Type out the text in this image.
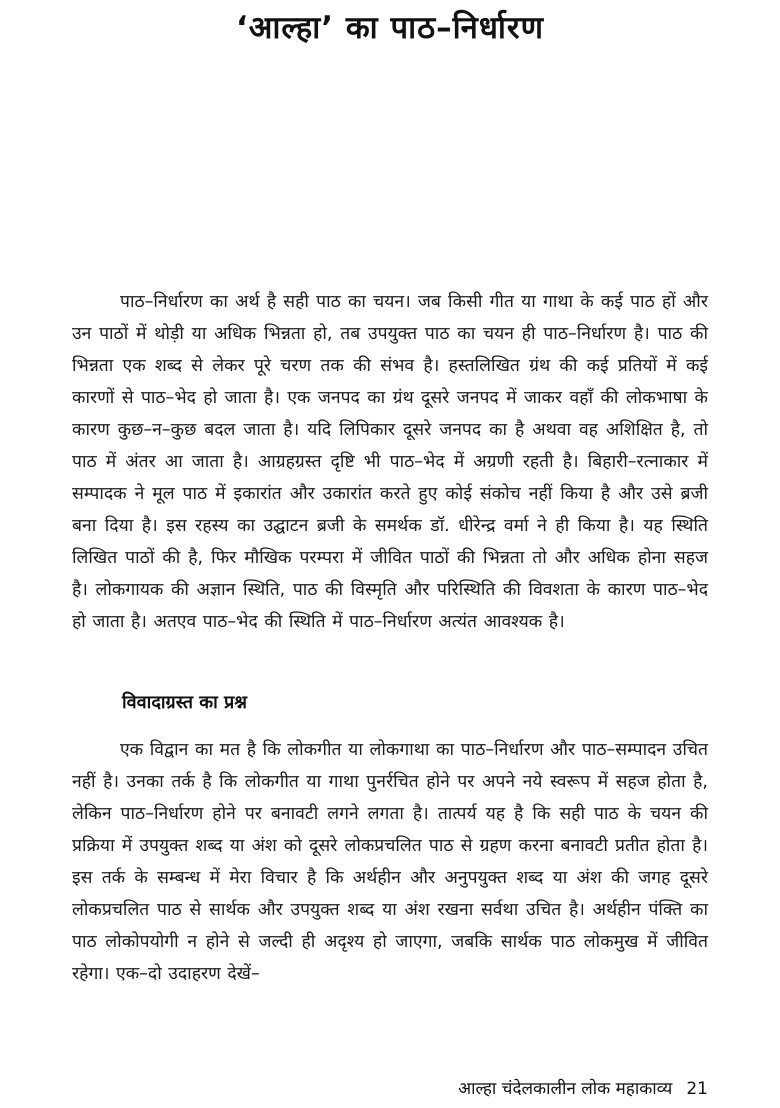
‘आल्हा’ का पाठ–निर्धारण

पाठ–निर्धारण का अर्थ है सही पाठ का चयन। जब किसी गीत या गाथा के कई पाठ हों और उन पाठों में थोड़ी या अधिक भिन्नता हो, तब उपयुक्त पाठ का चयन ही पाठ–निर्धारण है। पाठ की भिन्नता एक शब्द से लेकर पूरे चरण तक की संभव है। हस्तलिखित ग्रंथ की कई प्रतियों में कई कारणों से पाठ–भेद हो जाता है। एक जनपद का ग्रंथ दूसरे जनपद में जाकर वहाँ की लोकभाषा के कारण कुछ–न–कुछ बदल जाता है। यदि लिपिकार दूसरे जनपद का है अथवा वह अशिक्षित है, तो पाठ में अंतर आ जाता है। आग्रहग्रस्त दृष्टि भी पाठ–भेद में अग्रणी रहती है। बिहारी–रत्नाकार में सम्पादक ने मूल पाठ में इकारांत और उकारांत करते हुए कोई संकोच नहीं किया है और उसे ब्रजी बना दिया है। इस रहस्य का उद्घाटन ब्रजी के समर्थक डॉ. धीरेन्द्र वर्मा ने ही किया है। यह स्थिति लिखित पाठों की है, फिर मौखिक परम्परा में जीवित पाठों की भिन्नता तो और अधिक होना सहज है। लोकगायक की अज्ञान स्थिति, पाठ की विस्मृति और परिस्थिति की विवशता के कारण पाठ–भेद हो जाता है। अतएव पाठ–भेद की स्थिति में पाठ–निर्धारण अत्यंत आवश्यक है।

विवादाग्रस्त का प्रश्न

एक विद्वान का मत है कि लोकगीत या लोकगाथा का पाठ–निर्धारण और पाठ–सम्पादन उचित नहीं है। उनका तर्क है कि लोकगीत या गाथा पुनर्रचित होने पर अपने नये स्वरूप में सहज होता है, लेकिन पाठ–निर्धारण होने पर बनावटी लगने लगता है। तात्पर्य यह है कि सही पाठ के चयन की प्रक्रिया में उपयुक्त शब्द या अंश को दूसरे लोकप्रचलित पाठ से ग्रहण करना बनावटी प्रतीत होता है। इस तर्क के सम्बन्ध में मेरा विचार है कि अर्थहीन और अनुपयुक्त शब्द या अंश की जगह दूसरे लोकप्रचलित पाठ से सार्थक और उपयुक्त शब्द या अंश रखना सर्वथा उचित है। अर्थहीन पंक्ति का पाठ लोकोपयोगी न होने से जल्दी ही अदृश्य हो जाएगा, जबकि सार्थक पाठ लोकमुख में जीवित रहेगा। एक–दो उदाहरण देखें–

आल्हा चंदेलकालीन लोक महाकाव्य 21
